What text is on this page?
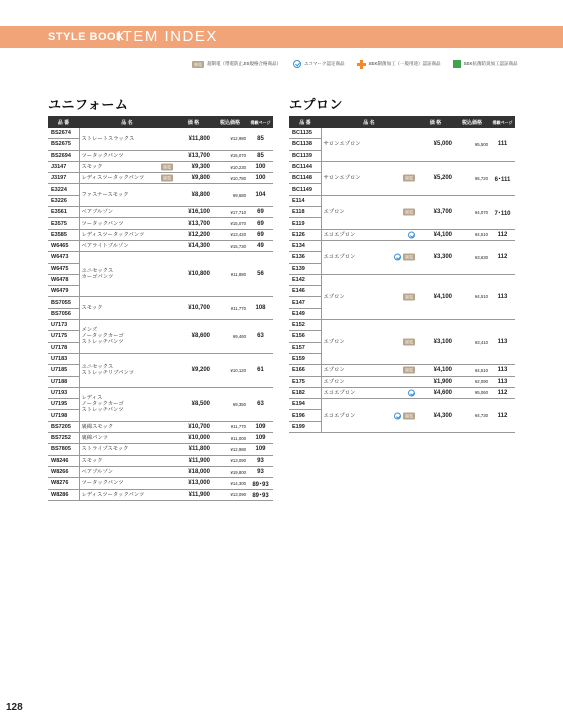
STYLE BOOK
ITEM INDEX
制電	超制電（帯電防止JIS規格合格商品）	エコマーク認定商品	SEK制菌加工（一般用途）認証商品	SEK抗菌防臭加工認証商品
ユニフォーム	エプロン
品 番	品 名	価 格	税込価格	掲載ページ
BS2674	ストレートスラックス	¥11,800	¥12,980	85
BS2675				
BS2694	ツータックパンツ	¥13,700	¥15,070	85
J3147	スモック 制電	¥9,300	¥10,230	100
J3197	レディスツータックパンツ 制電	¥9,800	¥10,780	100
E3224	ファスナースモック	¥8,800	¥9,680	104
E3226				
E3561	ベアブルゾン	¥16,100	¥17,710	69
E3575	ツータックパンツ	¥13,700	¥15,070	69
E3585	レディスツータックパンツ	¥12,200	¥13,420	69
W6465	ベアライトブルゾン	¥14,300	¥15,730	49
W6473	ユニセックス
カーゴパンツ	¥10,800	¥11,880	56
W6475				
W6478				
W6479				
BS7055	スモック	¥10,700	¥11,770	108
BS7056				
U7173	メンズ
ノータックカーゴ
ストレッチパンツ	¥8,600	¥9,460	63
U7175				
U7178				
U7183	ユニセックス
ストレッチリブパンツ	¥9,200	¥10,120	61
U7185				
U7188				
U7193	レディス
ノータックカーゴ
ストレッチパンツ	¥8,500	¥9,350	63
U7195				
U7198				
BS7205	裏綿スモック	¥10,700	¥11,770	109
BS7252	裏綿パンツ	¥10,000	¥11,000	109
BS7805	ストライプスモック	¥11,800	¥12,980	109
W8246	スモック	¥11,900	¥13,090	93
W8266	ベアブルゾン	¥18,000	¥19,800	93
W8276	ツータックパンツ	¥13,000	¥14,300	89･93
W8286	レディスツータックパンツ	¥11,900	¥13,090	89･93
品 番	品 名	価 格	税込価格	掲載ページ
BC1135	サロンエプロン	¥5,000	¥5,500	111
BC1138				
BC1139				
BC1144	サロンエプロン 制電	¥5,200	¥5,720	6･111
BC1148				
BC1149				
E114	エプロン 制電	¥3,700	¥4,070	7･110
E118				
E119				
E126	エコエプロン	¥4,100	¥4,510	112
E134	エコエプロン 制電	¥3,300	¥3,630	112
E136				
E139				
E142	エプロン 制電	¥4,100	¥4,510	113
E146				
E147				
E149				
E152	エプロン 制電	¥3,100	¥3,410	113
E156				
E157				
E159				
E166	エプロン 制電	¥4,100	¥4,510	113
E175	エプロン	¥1,900	¥2,090	113
E182	エコエプロン	¥4,600	¥5,060	112
E194	エコエプロン 制電	¥4,300	¥4,730	112
E196				
E199				
128
